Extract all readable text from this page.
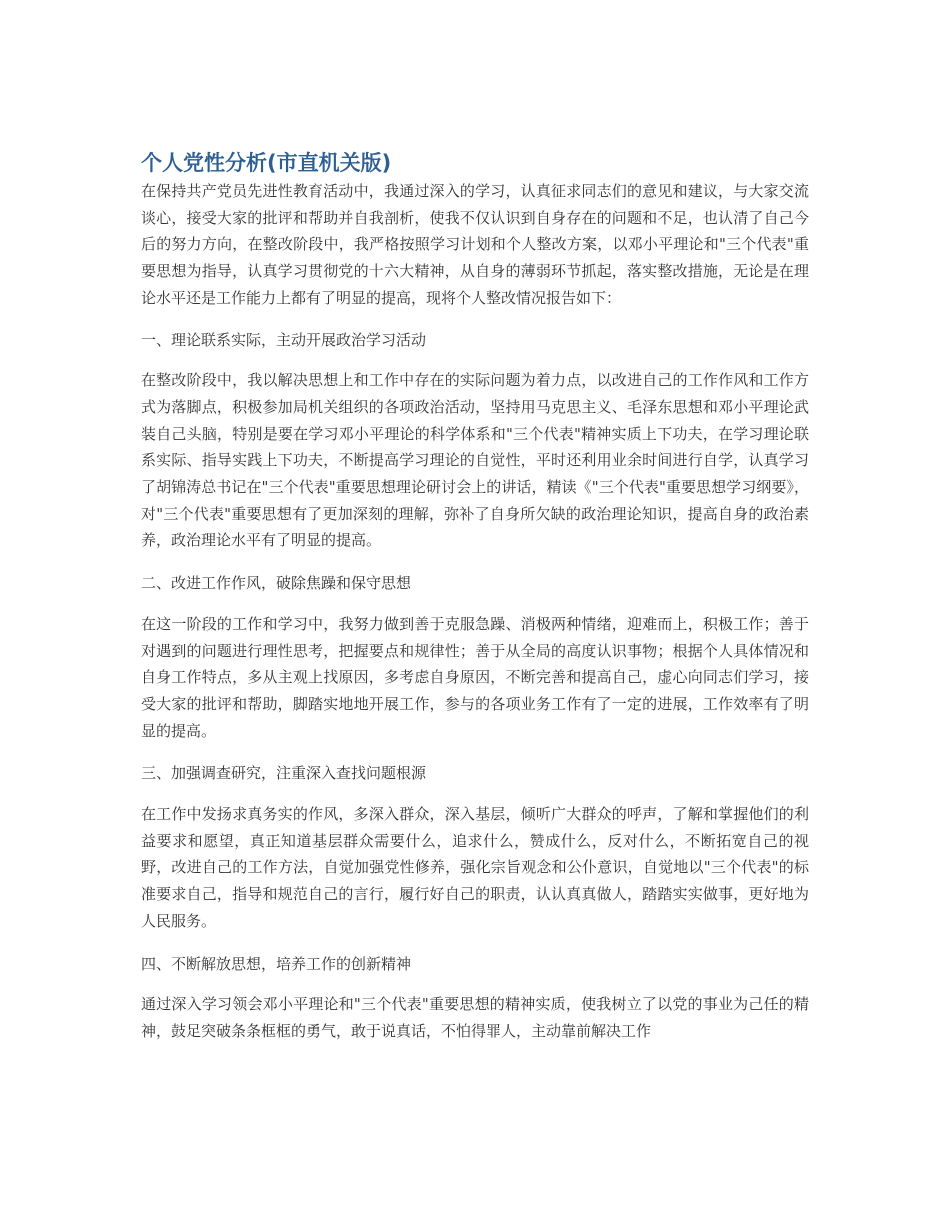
个人党性分析(市直机关版)

在保持共产党员先进性教育活动中，我通过深入的学习，认真征求同志们的意见和建议，与大家交流谈心，接受大家的批评和帮助并自我剖析，使我不仅认识到自身存在的问题和不足，也认清了自己今后的努力方向，在整改阶段中，我严格按照学习计划和个人整改方案，以邓小平理论和"三个代表"重要思想为指导，认真学习贯彻党的十六大精神，从自身的薄弱环节抓起，落实整改措施，无论是在理论水平还是工作能力上都有了明显的提高，现将个人整改情况报告如下：

一、理论联系实际，主动开展政治学习活动

在整改阶段中，我以解决思想上和工作中存在的实际问题为着力点，以改进自己的工作作风和工作方式为落脚点，积极参加局机关组织的各项政治活动，坚持用马克思主义、毛泽东思想和邓小平理论武装自己头脑，特别是要在学习邓小平理论的科学体系和"三个代表"精神实质上下功夫，在学习理论联系实际、指导实践上下功夫，不断提高学习理论的自觉性，平时还利用业余时间进行自学，认真学习了胡锦涛总书记在"三个代表"重要思想理论研讨会上的讲话，精读《"三个代表"重要思想学习纲要》，对"三个代表"重要思想有了更加深刻的理解，弥补了自身所欠缺的政治理论知识，提高自身的政治素养，政治理论水平有了明显的提高。

二、改进工作作风，破除焦躁和保守思想

在这一阶段的工作和学习中，我努力做到善于克服急躁、消极两种情绪，迎难而上，积极工作；善于对遇到的问题进行理性思考，把握要点和规律性；善于从全局的高度认识事物；根据个人具体情况和自身工作特点，多从主观上找原因，多考虑自身原因，不断完善和提高自己，虚心向同志们学习，接受大家的批评和帮助，脚踏实地地开展工作，参与的各项业务工作有了一定的进展，工作效率有了明显的提高。

三、加强调查研究，注重深入查找问题根源

在工作中发扬求真务实的作风，多深入群众，深入基层，倾听广大群众的呼声，了解和掌握他们的利益要求和愿望，真正知道基层群众需要什么，追求什么，赞成什么，反对什么，不断拓宽自己的视野，改进自己的工作方法，自觉加强党性修养，强化宗旨观念和公仆意识，自觉地以"三个代表"的标准要求自己，指导和规范自己的言行，履行好自己的职责，认认真真做人，踏踏实实做事，更好地为人民服务。

四、不断解放思想，培养工作的创新精神

通过深入学习领会邓小平理论和"三个代表"重要思想的精神实质，使我树立了以党的事业为己任的精神，鼓足突破条条框框的勇气，敢于说真话，不怕得罪人，主动靠前解决工作
